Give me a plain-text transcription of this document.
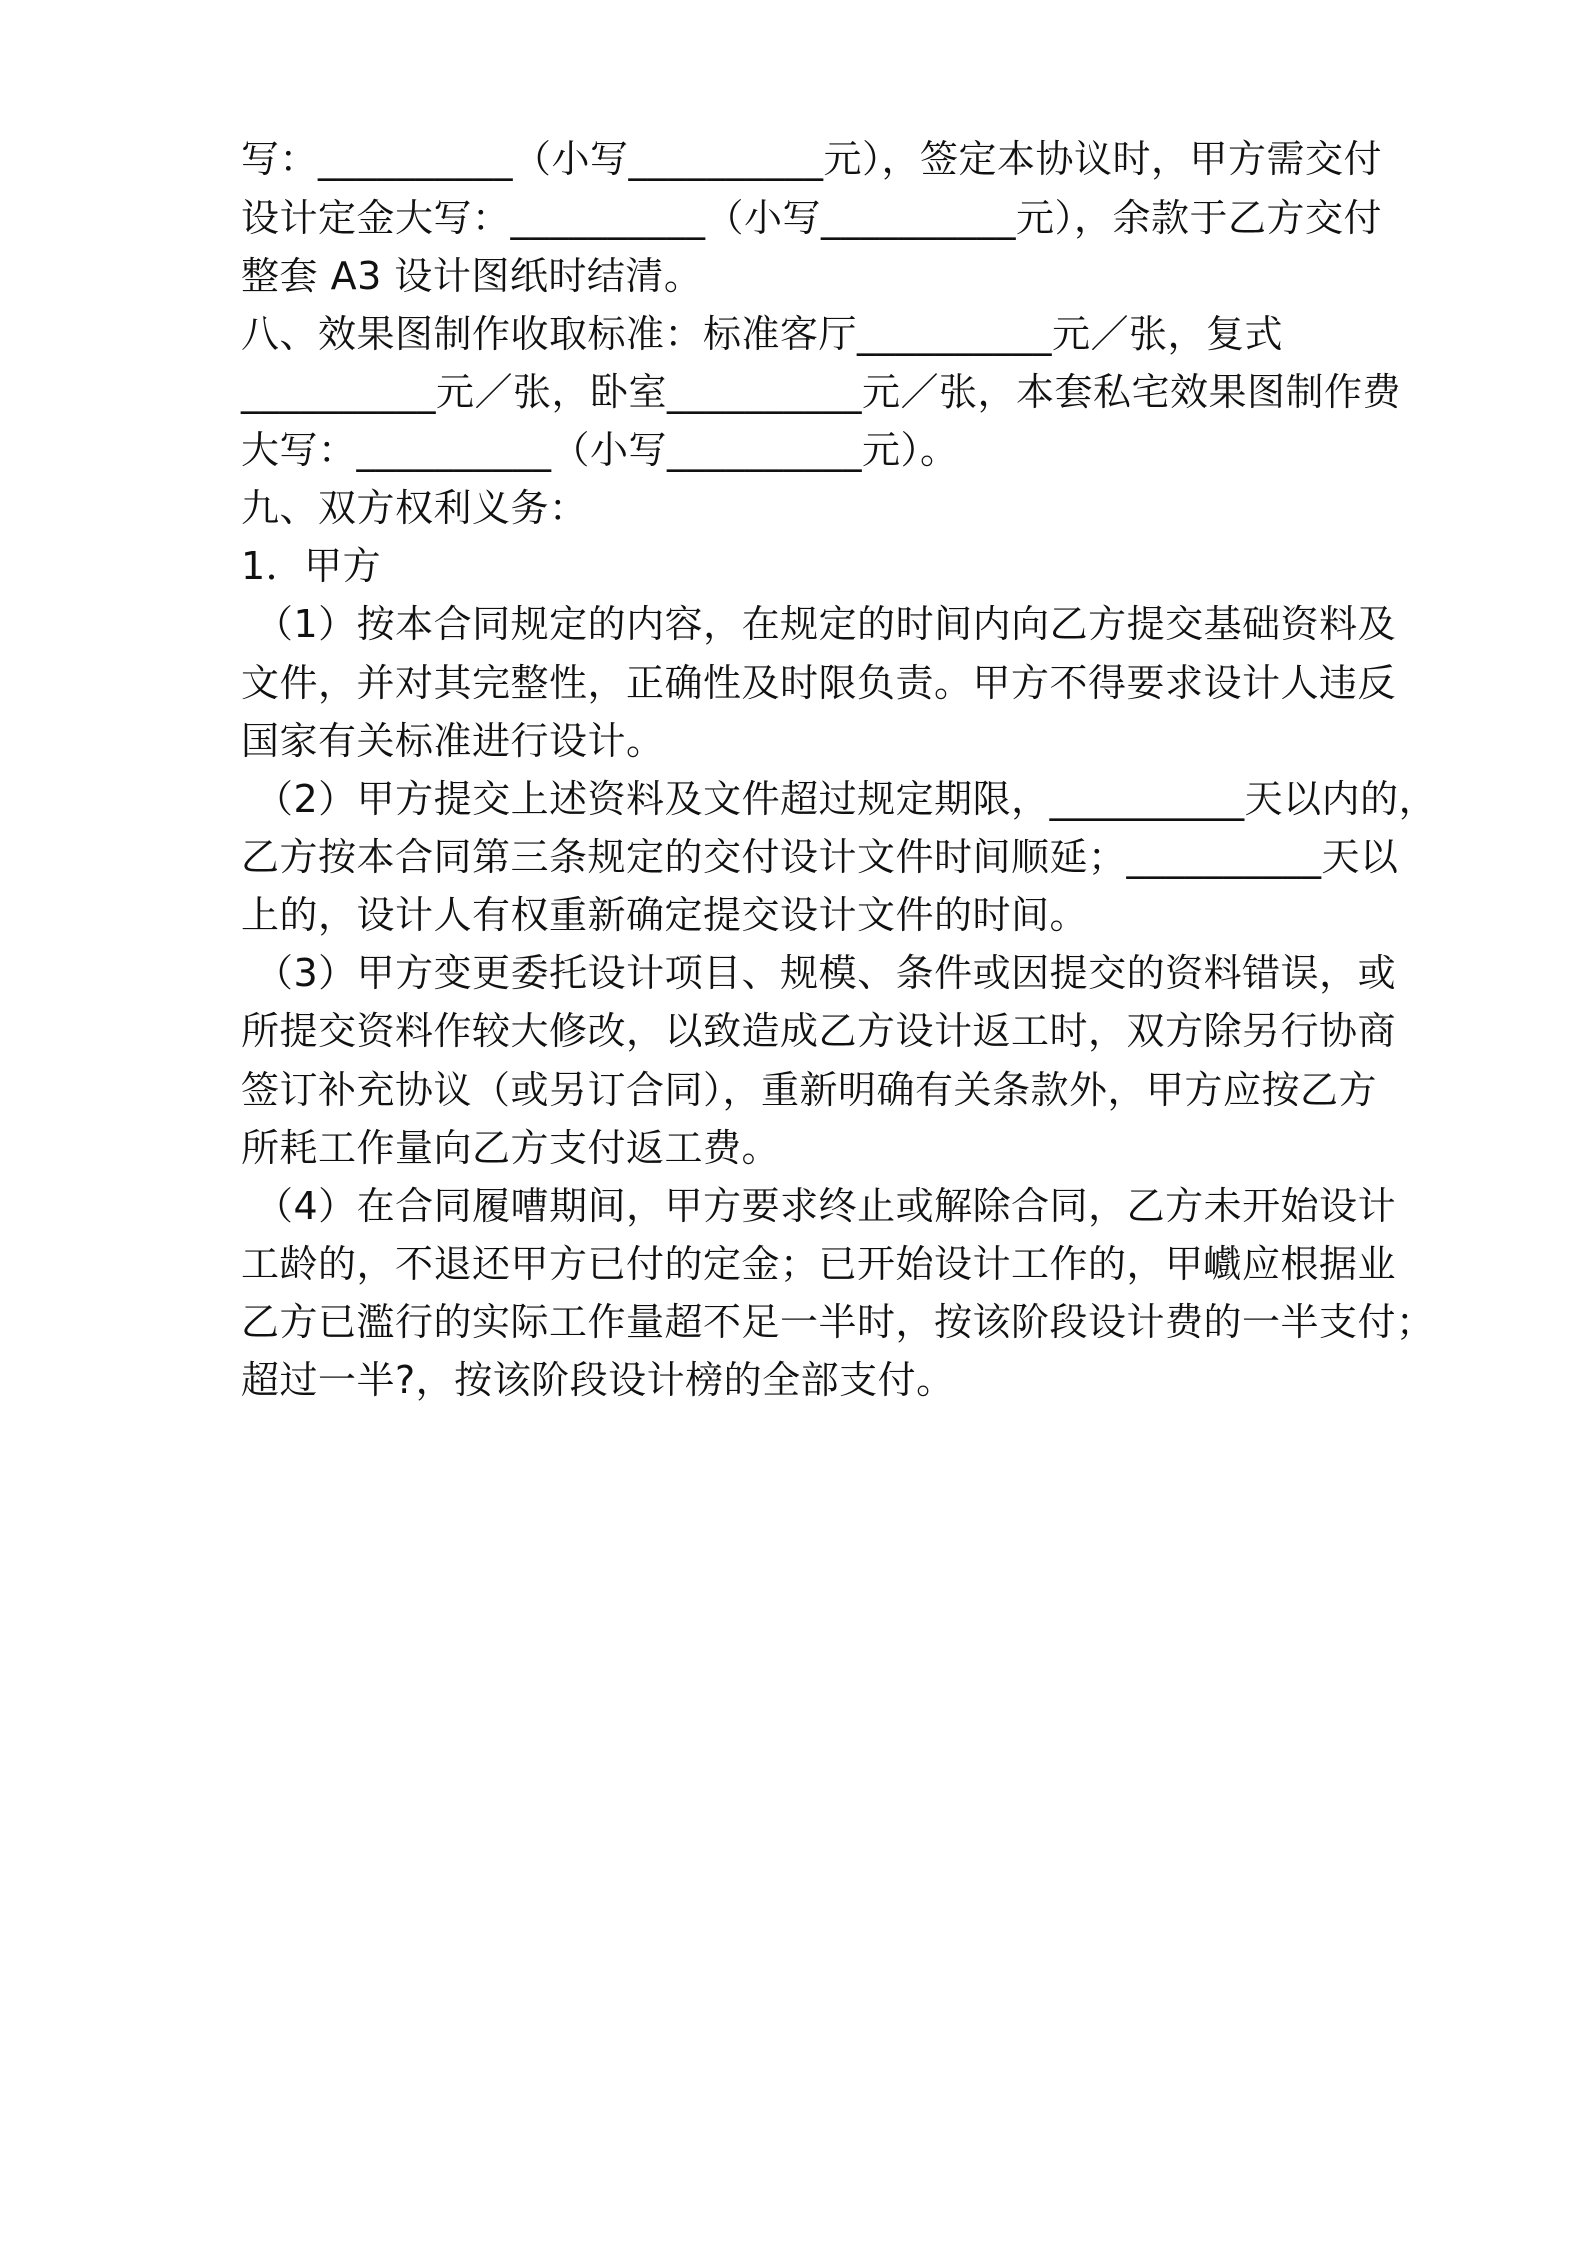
写：__________（小写__________元），签定本协议时，甲方需交付
设计定金大写：__________（小写__________元），余款于乙方交付
整套 A3 设计图纸时结清。
八、效果图制作收取标准：标准客厅__________元／张，复式
__________元／张，卧室__________元／张，本套私宅效果图制作费
大写：__________（小写__________元）。
九、双方权利义务：
1．甲方
（1）按本合同规定的内容，在规定的时间内向乙方提交基础资料及
文件，并对其完整性，正确性及时限负责。甲方不得要求设计人违反
国家有关标准进行设计。
（2）甲方提交上述资料及文件超过规定期限，__________天以内的，
乙方按本合同第三条规定的交付设计文件时间顺延；__________天以
上的，设计人有权重新确定提交设计文件的时间。
（3）甲方变更委托设计项目、规模、条件或因提交的资料错误，或
所提交资料作较大修改，以致造成乙方设计返工时，双方除另行协商
签订补充协议（或另订合同），重新明确有关条款外，甲方应按乙方
所耗工作量向乙方支付返工费。
（4）在合同履嘈期间，甲方要求终止或解除合同，乙方未开始设计
工龄的，不退还甲方已付的定金；已开始设计工作的，甲巇应根据业
乙方已濫行的实际工作量超不足一半时，按该阶段设计费的一半支付；
超过一半?，按该阶段设计榜的全部支付。
